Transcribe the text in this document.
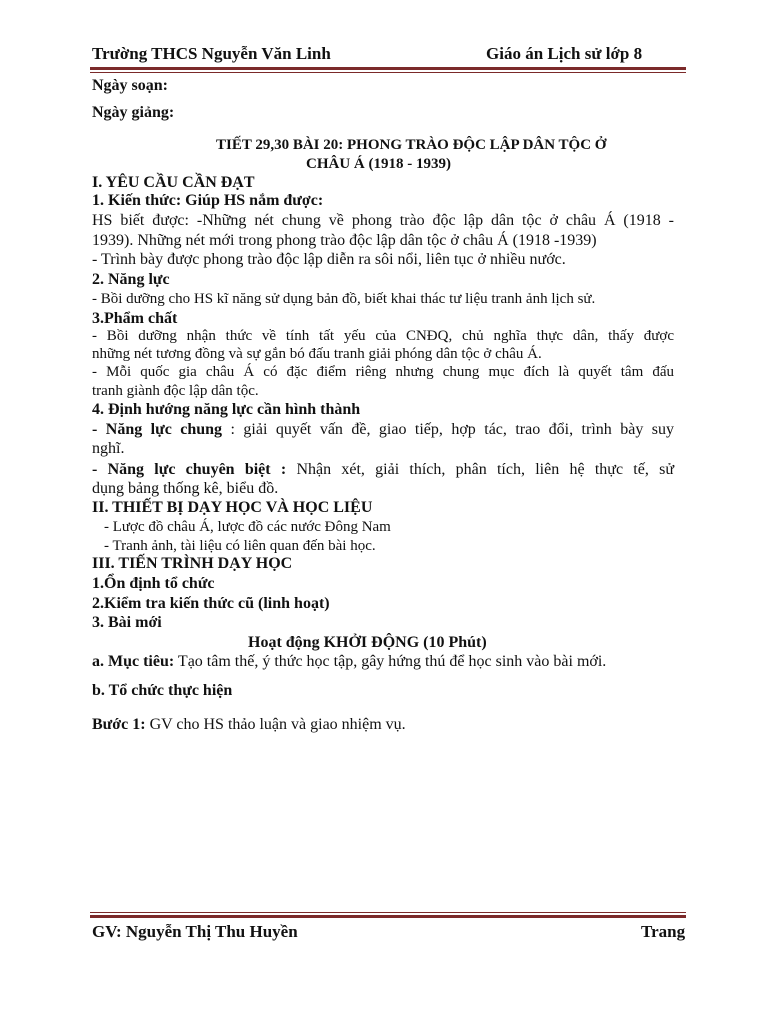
Trường THCS Nguyễn Văn Linh	Giáo án Lịch sử lớp 8
Ngày soạn:
Ngày giảng:
TIẾT 29,30 BÀI 20: PHONG TRÀO ĐỘC LẬP DÂN TỘC Ở
CHÂU Á (1918 - 1939)
I. YÊU CẦU CẦN ĐẠT
1. Kiến thức: Giúp HS nắm được:
HS biết được: -Những nét chung về phong trào độc lập dân tộc ở châu Á (1918 -
1939). Những nét mới trong phong trào độc lập dân tộc ở châu Á (1918 -1939)
- Trình bày được phong trào độc lập diễn ra sôi nổi, liên tục ở nhiều nước.
2. Năng lực
- Bồi dưỡng cho HS kĩ năng sử dụng bản đồ, biết khai thác tư liệu tranh ảnh lịch sử.
3.Phẩm chất
- Bồi dưỡng nhận thức về tính tất yếu của CNĐQ, chủ nghĩa thực dân, thấy được
những nét tương đồng và sự gắn bó đấu tranh giải phóng dân tộc ở châu Á.
- Mỗi quốc gia châu Á có đặc điểm riêng nhưng chung mục đích là quyết tâm đấu
tranh giành độc lập dân tộc.
4. Định hướng năng lực cần hình thành
- Năng lực chung : giải quyết vấn đề, giao tiếp, hợp tác, trao đổi, trình bày suy
nghĩ.
- Năng lực chuyên biệt : Nhận xét, giải thích, phân tích, liên hệ thực tế, sử
dụng bảng thống kê, biểu đồ.
II. THIẾT BỊ DẠY HỌC VÀ HỌC LIỆU
- Lược đồ châu Á, lược đồ các nước Đông Nam
- Tranh ảnh, tài liệu có liên quan đến bài học.
III. TIẾN TRÌNH DẠY HỌC
1.Ổn định tổ chức
2.Kiểm tra kiến thức cũ (linh hoạt)
3. Bài mới
Hoạt động KHỞI ĐỘNG (10 Phút)
a. Mục tiêu: Tạo tâm thế, ý thức học tập, gây hứng thú để học sinh vào bài mới.
b. Tổ chức thực hiện
Bước 1: GV cho HS thảo luận và giao nhiệm vụ.
GV: Nguyễn Thị Thu Huyền	Trang
